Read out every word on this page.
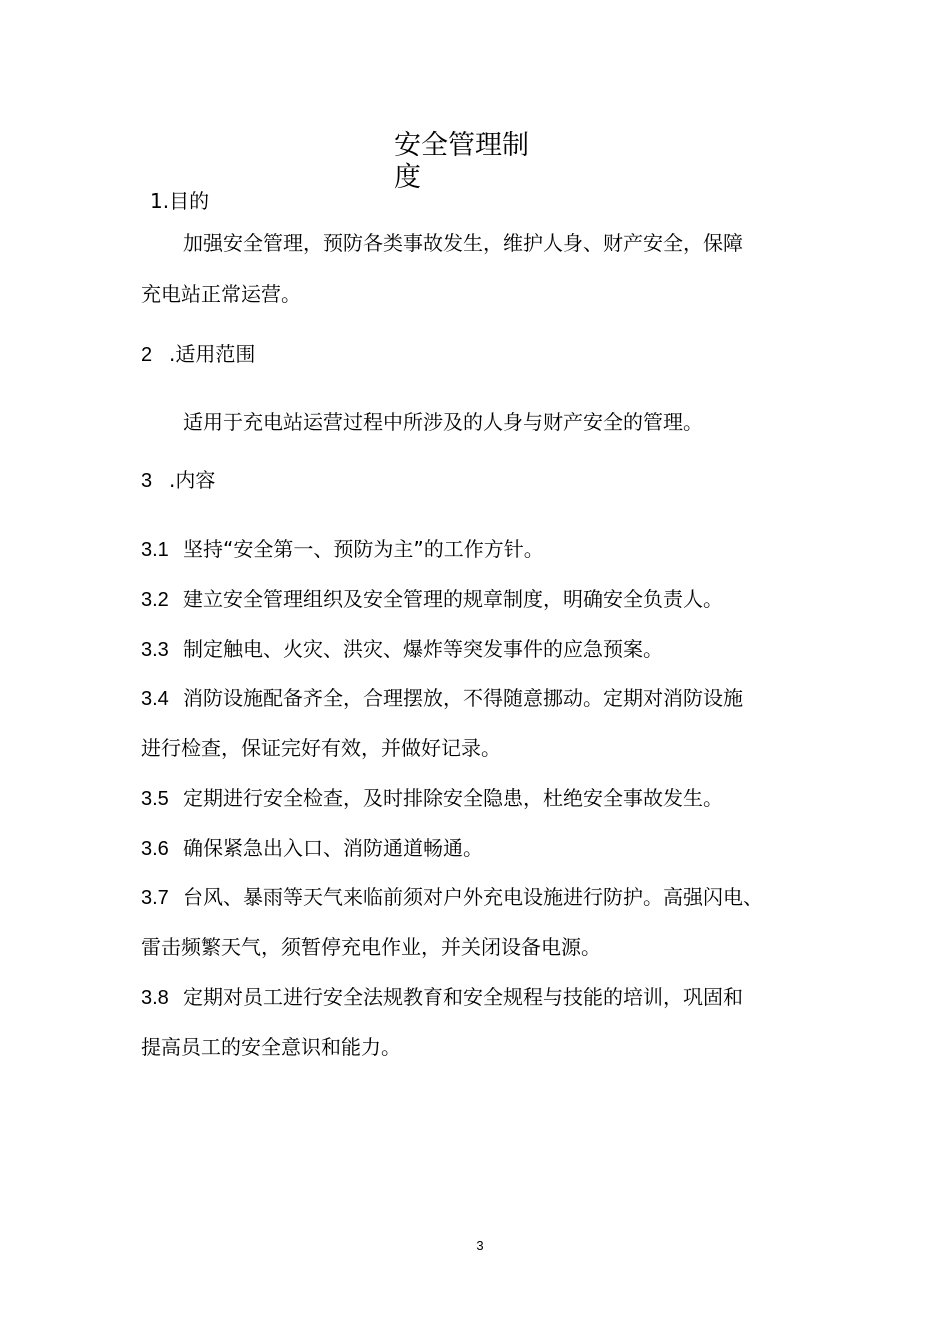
安全管理制度
1.目的
加强安全管理，预防各类事故发生，维护人身、财产安全，保障
充电站正常运营。
2 .适用范围
适用于充电站运营过程中所涉及的人身与财产安全的管理。
3 .内容
3.1 坚持“安全第一、预防为主”的工作方针。
3.2 建立安全管理组织及安全管理的规章制度，明确安全负责人。
3.3 制定触电、火灾、洪灾、爆炸等突发事件的应急预案。
3.4 消防设施配备齐全，合理摆放，不得随意挪动。定期对消防设施
进行检查，保证完好有效，并做好记录。
3.5 定期进行安全检查，及时排除安全隐患，杜绝安全事故发生。
3.6 确保紧急出入口、消防通道畅通。
3.7 台风、暴雨等天气来临前须对户外充电设施进行防护。高强闪电、
雷击频繁天气，须暂停充电作业，并关闭设备电源。
3.8 定期对员工进行安全法规教育和安全规程与技能的培训，巩固和
提高员工的安全意识和能力。
3
